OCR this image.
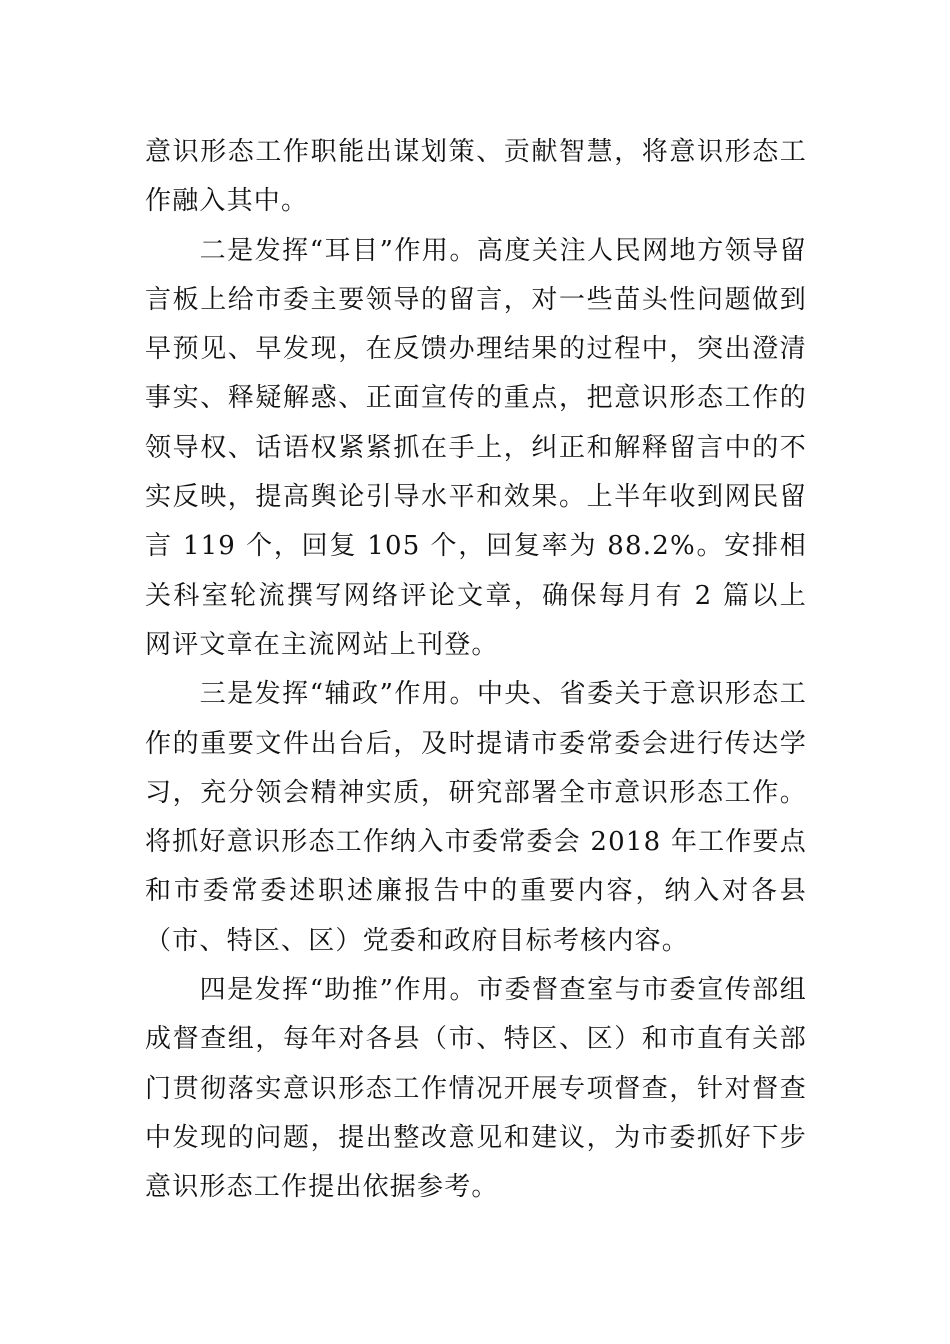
意识形态工作职能出谋划策、贡献智慧，将意识形态工作融入其中。

二是发挥“耳目”作用。高度关注人民网地方领导留言板上给市委主要领导的留言，对一些苗头性问题做到早预见、早发现，在反馈办理结果的过程中，突出澄清事实、释疑解惑、正面宣传的重点，把意识形态工作的领导权、话语权紧紧抓在手上，纠正和解释留言中的不实反映，提高舆论引导水平和效果。上半年收到网民留言 119 个，回复 105 个，回复率为 88.2%。安排相关科室轮流撰写网络评论文章，确保每月有 2 篇以上网评文章在主流网站上刊登。

三是发挥“辅政”作用。中央、省委关于意识形态工作的重要文件出台后，及时提请市委常委会进行传达学习，充分领会精神实质，研究部署全市意识形态工作。将抓好意识形态工作纳入市委常委会 2018 年工作要点和市委常委述职述廉报告中的重要内容，纳入对各县（市、特区、区）党委和政府目标考核内容。

四是发挥“助推”作用。市委督查室与市委宣传部组成督查组，每年对各县（市、特区、区）和市直有关部门贯彻落实意识形态工作情况开展专项督查，针对督查中发现的问题，提出整改意见和建议，为市委抓好下步意识形态工作提出依据参考。
